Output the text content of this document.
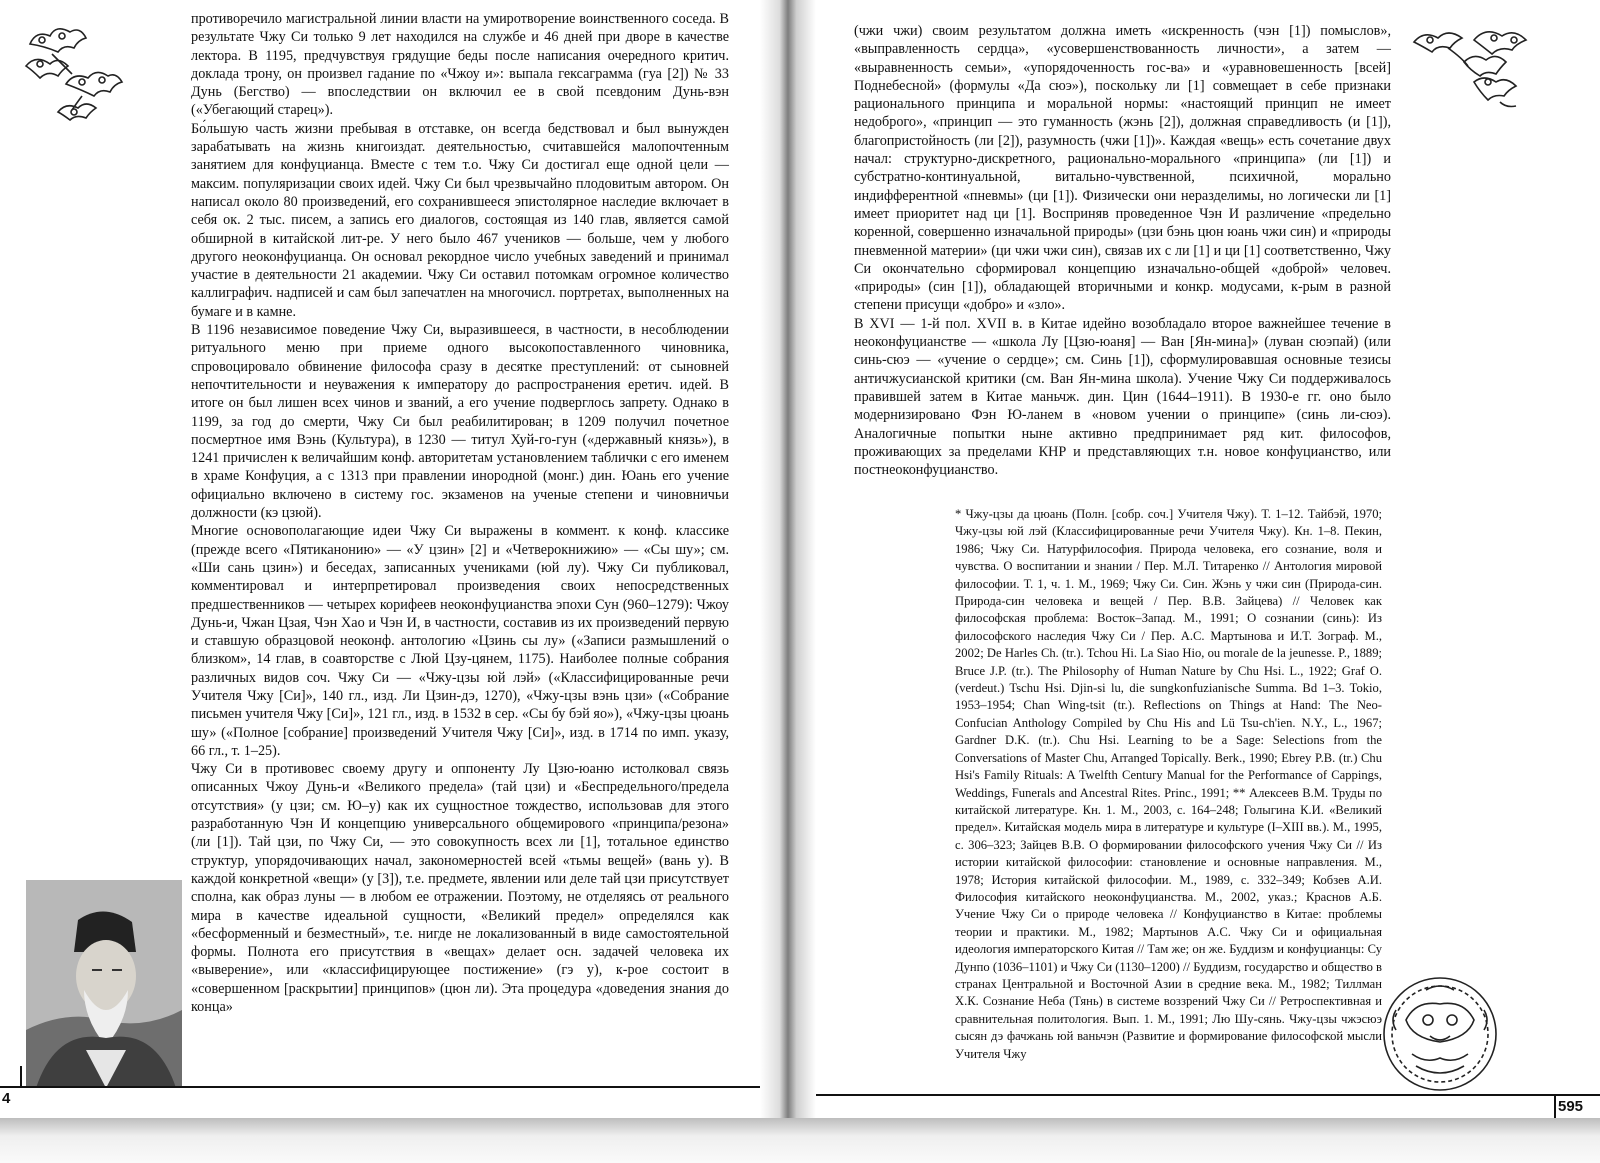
противоречило магистральной линии власти на умиротворение воинственного соседа. В результате Чжу Си только 9 лет находился на службе и 46 дней при дворе в качестве лектора. В 1195, предчувствуя грядущие беды после написания очередного критич. доклада трону, он произвел гадание по «Чжоу и»: выпала гексаграмма (гуа [2]) № 33 Дунь (Бегство) — впоследствии он включил ее в свой псевдоним Дунь-вэн («Убегающий старец»).

Бо́льшую часть жизни пребывая в отставке, он всегда бедствовал и был вынужден зарабатывать на жизнь книгоиздат. деятельностью, считавшейся малопочтенным занятием для конфуцианца. Вместе с тем т.о. Чжу Си достигал еще одной цели — максим. популяризации своих идей. Чжу Си был чрезвычайно плодовитым автором. Он написал около 80 произведений, его сохранившееся эпистолярное наследие включает в себя ок. 2 тыс. писем, а запись его диалогов, состоящая из 140 глав, является самой обширной в китайской лит-ре. У него было 467 учеников — больше, чем у любого другого неоконфуцианца. Он основал рекордное число учебных заведений и принимал участие в деятельности 21 академии. Чжу Си оставил потомкам огромное количество каллиграфич. надписей и сам был запечатлен на многочисл. портретах, выполненных на бумаге и в камне.

В 1196 независимое поведение Чжу Си, выразившееся, в частности, в несоблюдении ритуального меню при приеме одного высокопоставленного чиновника, спровоцировало обвинение философа сразу в десятке преступлений: от сыновней непочтительности и неуважения к императору до распространения еретич. идей. В итоге он был лишен всех чинов и званий, а его учение подверглось запрету. Однако в 1199, за год до смерти, Чжу Си был реабилитирован; в 1209 получил почетное посмертное имя Вэнь (Культура), в 1230 — титул Хуй-го-гун («державный князь»), в 1241 причислен к величайшим конф. авторитетам установлением таблички с его именем в храме Конфуция, а с 1313 при правлении инородной (монг.) дин. Юань его учение официально включено в систему гос. экзаменов на ученые степени и чиновничьи должности (кэ цзюй).

Многие основополагающие идеи Чжу Си выражены в коммент. к конф. классике (прежде всего «Пятиканонию» — «У цзин» [2] и «Четверокнижию» — «Сы шу»; см. «Ши сань цзин») и беседах, записанных учениками (юй лу). Чжу Си публиковал, комментировал и интерпретировал произведения своих непосредственных предшественников — четырех корифеев неоконфуцианства эпохи Сун (960–1279): Чжоу Дунь-и, Чжан Цзая, Чэн Хао и Чэн И, в частности, составив из их произведений первую и ставшую образцовой неоконф. антологию «Цзинь сы лу» («Записи размышлений о близком», 14 глав, в соавторстве с Люй Цзу-цянем, 1175). Наиболее полные собрания различных видов соч. Чжу Си — «Чжу-цзы юй лэй» («Классифицированные речи Учителя Чжу [Си]», 140 гл., изд. Ли Цзин-дэ, 1270), «Чжу-цзы вэнь цзи» («Собрание письмен учителя Чжу [Си]», 121 гл., изд. в 1532 в сер. «Сы бу бэй яо»), «Чжу-цзы цюань шу» («Полное [собрание] произведений Учителя Чжу [Си]», изд. в 1714 по имп. указу, 66 гл., т. 1–25).

Чжу Си в противовес своему другу и оппоненту Лу Цзю-юаню истолковал связь описанных Чжоу Дунь-и «Великого предела» (тай цзи) и «Беспредельного/предела отсутствия» (у цзи; см. Ю–у) как их сущностное тождество, использовав для этого разработанную Чэн И концепцию универсального общемирового «принципа/резона» (ли [1]). Тай цзи, по Чжу Си, — это совокупность всех ли [1], тотальное единство структур, упорядочивающих начал, закономерностей всей «тьмы вещей» (вань у). В каждой конкретной «вещи» (у [3]), т.е. предмете, явлении или деле тай цзи присутствует сполна, как образ луны — в любом ее отражении. Поэтому, не отделяясь от реального мира в качестве идеальной сущности, «Великий предел» определялся как «бесформенный и безместный», т.е. нигде не локализованный в виде самостоятельной формы. Полнота его присутствия в «вещах» делает осн. задачей человека их «выверение», или «классифицирующее постижение» (гэ у), к-рое состоит в «совершенном [раскрытии] принципов» (цюн ли). Эта процедура «доведения знания до конца»

4

(чжи чжи) своим результатом должна иметь «искренность (чэн [1]) помыслов», «выправленность сердца», «усовершенствованность личности», а затем — «выравненность семьи», «упорядоченность гос-ва» и «уравновешенность [всей] Поднебесной» (формулы «Да сюэ»), поскольку ли [1] совмещает в себе признаки рационального принципа и моральной нормы: «настоящий принцип не имеет недоброго», «принцип — это гуманность (жэнь [2]), должная справедливость (и [1]), благопристойность (ли [2]), разумность (чжи [1])». Каждая «вещь» есть сочетание двух начал: структурно-дискретного, рационально-морального «принципа» (ли [1]) и субстратно-континуальной, витально-чувственной, психичной, морально индифферентной «пневмы» (ци [1]). Физически они неразделимы, но логически ли [1] имеет приоритет над ци [1]. Восприняв проведенное Чэн И различение «предельно коренной, совершенно изначальной природы» (цзи бэнь цюн юань чжи син) и «природы пневменной материи» (ци чжи чжи син), связав их с ли [1] и ци [1] соответственно, Чжу Си окончательно сформировал концепцию изначально-общей «доброй» человеч. «природы» (син [1]), обладающей вторичными и конкр. модусами, к-рым в разной степени присущи «добро» и «зло».

В XVI — 1-й пол. XVII в. в Китае идейно возобладало второе важнейшее течение в неоконфуцианстве — «школа Лу [Цзю-юаня] — Ван [Ян-мина]» (луван сюэпай) (или синь-сюэ — «учение о сердце»; см. Синь [1]), сформулировавшая основные тезисы античжусианской критики (см. Ван Ян-мина школа). Учение Чжу Си поддерживалось правившей затем в Китае маньчж. дин. Цин (1644–1911). В 1930-е гг. оно было модернизировано Фэн Ю-ланем в «новом учении о принципе» (синь ли-сюэ). Аналогичные попытки ныне активно предпринимает ряд кит. философов, проживающих за пределами КНР и представляющих т.н. новое конфуцианство, или постнеоконфуцианство.

* Чжу-цзы да цюань (Полн. [собр. соч.] Учителя Чжу). Т. 1–12. Тайбэй, 1970; Чжу-цзы юй лэй (Классифицированные речи Учителя Чжу). Кн. 1–8. Пекин, 1986; Чжу Си. Натурфилософия. Природа человека, его сознание, воля и чувства. О воспитании и знании / Пер. М.Л. Титаренко // Антология мировой философии. Т. 1, ч. 1. М., 1969; Чжу Си. Син. Жэнь у чжи син (Природа-син. Природа-син человека и вещей / Пер. В.В. Зайцева) // Человек как философская проблема: Восток–Запад. М., 1991; О сознании (синь): Из философского наследия Чжу Си / Пер. А.С. Мартынова и И.Т. Зограф. М., 2002; De Harles Ch. (tr.). Tchou Hi. La Siao Hio, ou morale de la jeunesse. P., 1889; Bruce J.P. (tr.). The Philosophy of Human Nature by Chu Hsi. L., 1922; Graf O. (verdeut.) Tschu Hsi. Djin-si lu, die sungkonfuzianische Summa. Bd 1–3. Tokio, 1953–1954; Chan Wing-tsit (tr.). Reflections on Things at Hand: The Neo-Confucian Anthology Compiled by Chu His and Lü Tsu-ch'ien. N.Y., L., 1967; Gardner D.K. (tr.). Chu Hsi. Learning to be a Sage: Selections from the Conversations of Master Chu, Arranged Topically. Berk., 1990; Ebrey P.B. (tr.) Chu Hsi's Family Rituals: A Twelfth Century Manual for the Performance of Cappings, Weddings, Funerals and Ancestral Rites. Princ., 1991; ** Алексеев В.М. Труды по китайской литературе. Кн. 1. М., 2003, с. 164–248; Голыгина К.И. «Великий предел». Китайская модель мира в литературе и культуре (I–XIII вв.). М., 1995, с. 306–323; Зайцев В.В. О формировании философского учения Чжу Си // Из истории китайской философии: становление и основные направления. М., 1978; История китайской философии. М., 1989, с. 332–349; Кобзев А.И. Философия китайского неоконфуцианства. М., 2002, указ.; Краснов А.Б. Учение Чжу Си о природе человека // Конфуцианство в Китае: проблемы теории и практики. М., 1982; Мартынов А.С. Чжу Си и официальная идеология императорского Китая // Там же; он же. Буддизм и конфуцианцы: Су Дунпо (1036–1101) и Чжу Си (1130–1200) // Буддизм, государство и общество в странах Центральной и Восточной Азии в средние века. М., 1982; Тиллман Х.К. Сознание Неба (Тянь) в системе воззрений Чжу Си // Ретроспективная и сравнительная политология. Вып. 1. М., 1991; Лю Шу-сянь. Чжу-цзы чжэсюэ сысян дэ фачжань юй ваньчэн (Развитие и формирование философской мысли Учителя Чжу
595
